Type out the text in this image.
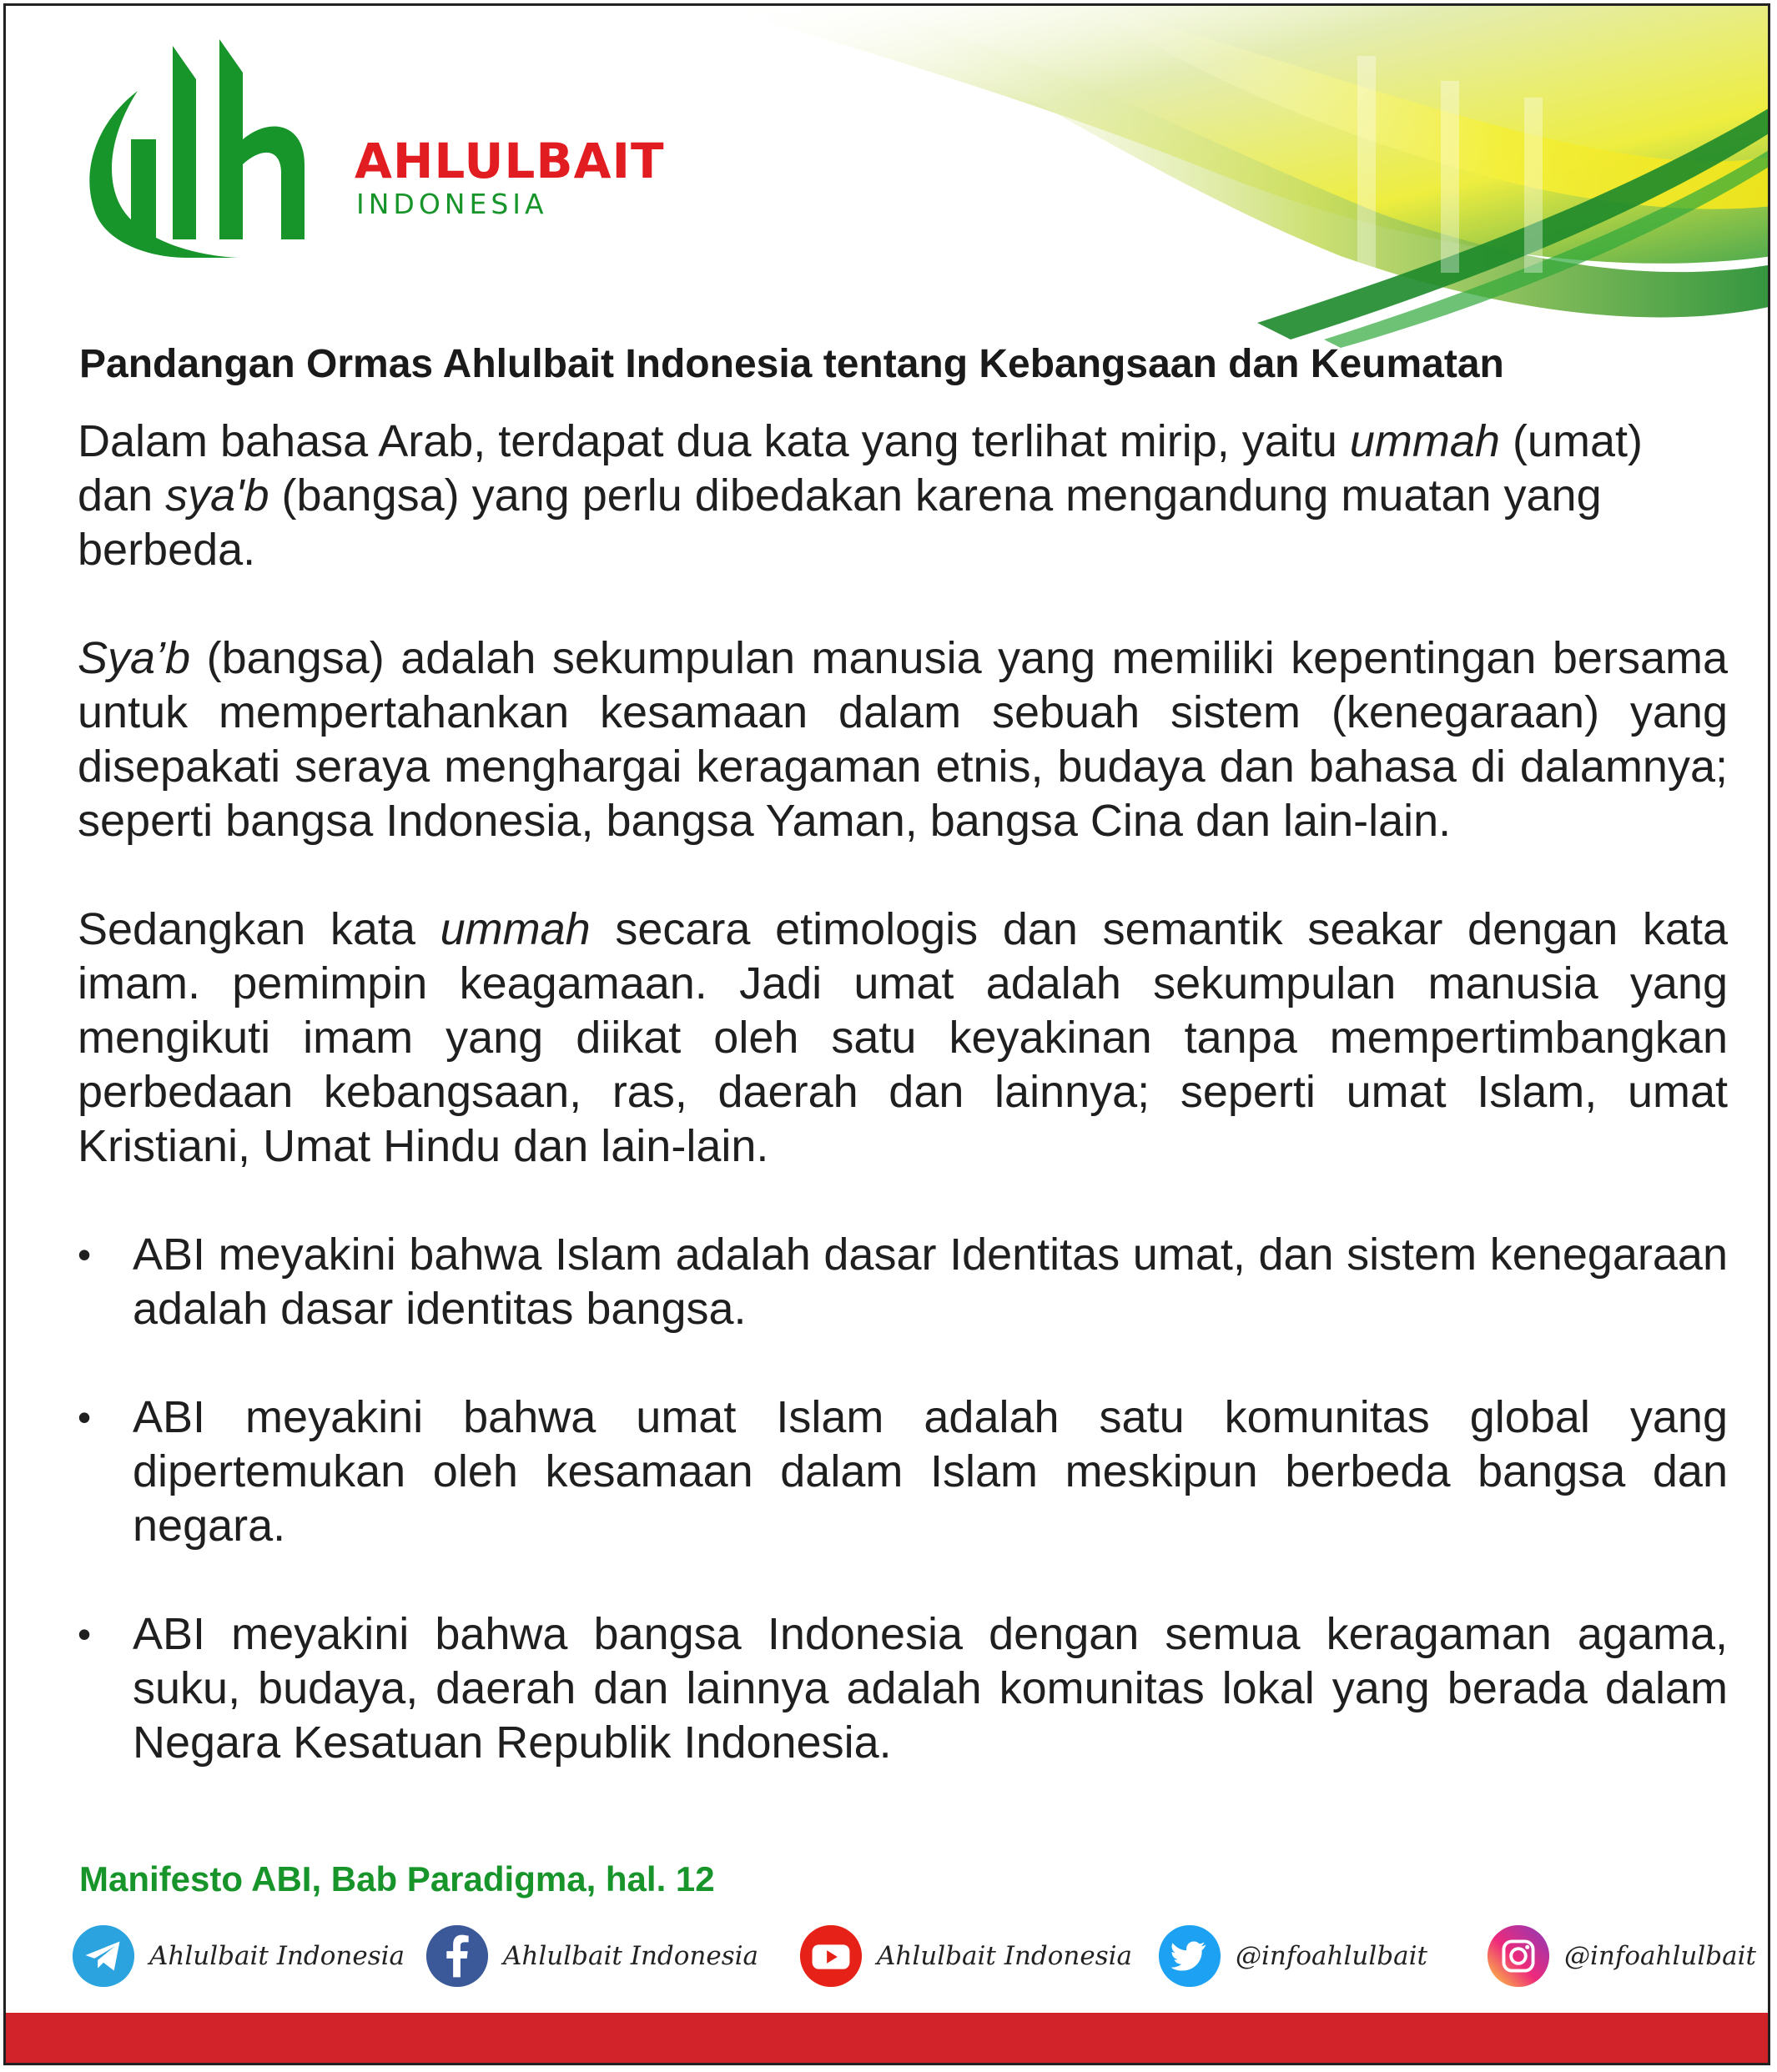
AHLULBAIT
INDONESIA
Pandangan Ormas Ahlulbait Indonesia tentang Kebangsaan dan Keumatan

Dalam bahasa Arab, terdapat dua kata yang terlihat mirip, yaitu ummah (umat) dan sya'b (bangsa) yang perlu dibedakan karena mengandung muatan yang berbeda.

Sya’b (bangsa) adalah sekumpulan manusia yang memiliki kepentingan bersama untuk mempertahankan kesamaan dalam sebuah sistem (kenegaraan) yang disepakati seraya menghargai keragaman etnis, budaya dan bahasa di dalamnya; seperti bangsa Indonesia, bangsa Yaman, bangsa Cina dan lain-lain.

Sedangkan kata ummah secara etimologis dan semantik seakar dengan kata imam. pemimpin keagamaan. Jadi umat adalah sekumpulan manusia yang mengikuti imam yang diikat oleh satu keyakinan tanpa mempertimbangkan perbedaan kebangsaan, ras, daerah dan lainnya; seperti umat Islam, umat Kristiani, Umat Hindu dan lain-lain.

• ABI meyakini bahwa Islam adalah dasar Identitas umat, dan sistem kenegaraan adalah dasar identitas bangsa.
• ABI meyakini bahwa umat Islam adalah satu komunitas global yang dipertemukan oleh kesamaan dalam Islam meskipun berbeda bangsa dan negara.
• ABI meyakini bahwa bangsa Indonesia dengan semua keragaman agama, suku, budaya, daerah dan lainnya adalah komunitas lokal yang berada dalam Negara Kesatuan Republik Indonesia.
Manifesto ABI, Bab Paradigma, hal. 12
Ahlulbait Indonesia	Ahlulbait Indonesia	Ahlulbait Indonesia	@infoahlulbait	@infoahlulbait
